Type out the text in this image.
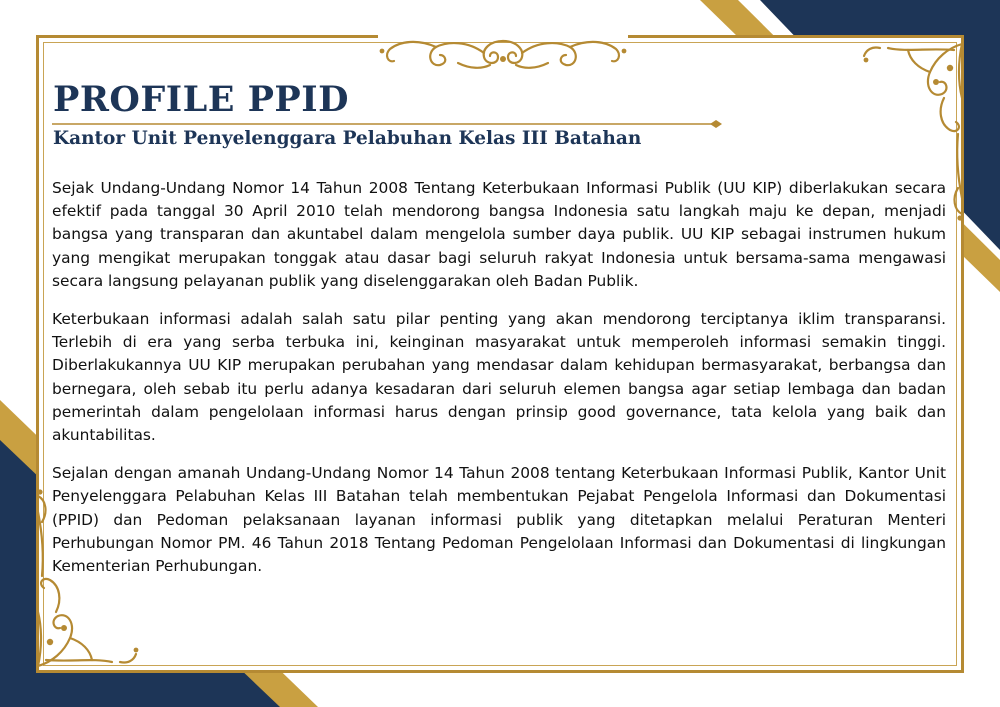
PROFILE PPID
Kantor Unit Penyelenggara Pelabuhan Kelas III Batahan

Sejak Undang-Undang Nomor 14 Tahun 2008 Tentang Keterbukaan Informasi Publik (UU KIP) diberlakukan secara efektif pada tanggal 30 April 2010 telah mendorong bangsa Indonesia satu langkah maju ke depan, menjadi bangsa yang transparan dan akuntabel dalam mengelola sumber daya publik. UU KIP sebagai instrumen hukum yang mengikat merupakan tonggak atau dasar bagi seluruh rakyat Indonesia untuk bersama-sama mengawasi secara langsung pelayanan publik yang diselenggarakan oleh Badan Publik.

Keterbukaan informasi adalah salah satu pilar penting yang akan mendorong terciptanya iklim transparansi. Terlebih di era yang serba terbuka ini, keinginan masyarakat untuk memperoleh informasi semakin tinggi. Diberlakukannya UU KIP merupakan perubahan yang mendasar dalam kehidupan bermasyarakat, berbangsa dan bernegara, oleh sebab itu perlu adanya kesadaran dari seluruh elemen bangsa agar setiap lembaga dan badan pemerintah dalam pengelolaan informasi harus dengan prinsip good governance, tata kelola yang baik dan akuntabilitas.

Sejalan dengan amanah Undang-Undang Nomor 14 Tahun 2008 tentang Keterbukaan Informasi Publik, Kantor Unit Penyelenggara Pelabuhan Kelas III Batahan telah membentukan Pejabat Pengelola Informasi dan Dokumentasi (PPID) dan Pedoman pelaksanaan layanan informasi publik yang ditetapkan melalui Peraturan Menteri Perhubungan Nomor PM. 46 Tahun 2018 Tentang Pedoman Pengelolaan Informasi dan Dokumentasi di lingkungan Kementerian Perhubungan.
